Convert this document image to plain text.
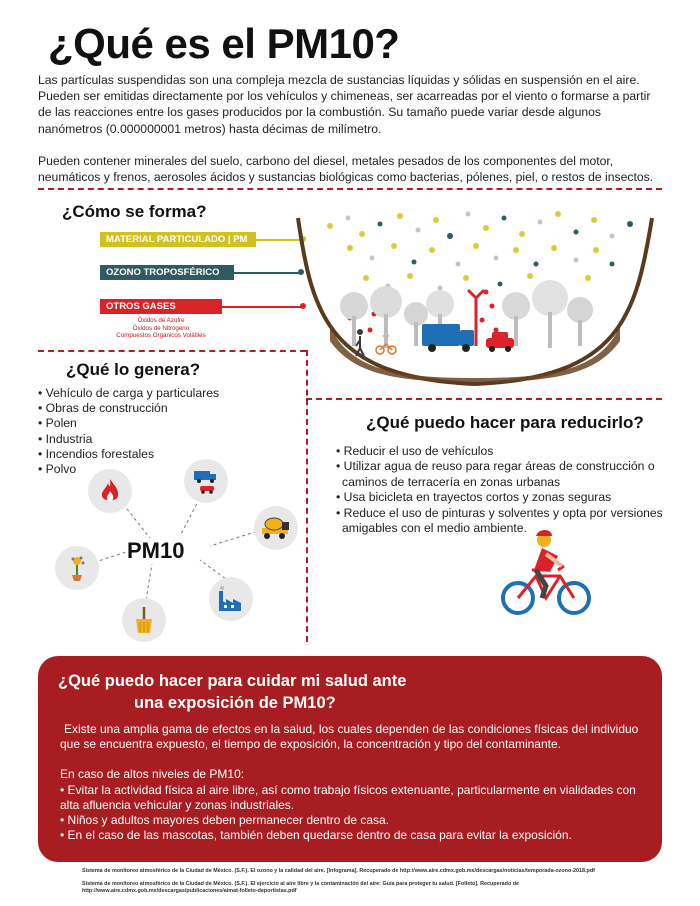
¿Qué es el PM10?

Las partículas suspendidas son una compleja mezcla de sustancias líquidas y sólidas en suspensión en el aire. Pueden ser emitidas directamente por los vehículos y chimeneas, ser acarreadas por el viento o formarse a partir de las reacciones entre los gases producidos por la combustión. Su tamaño puede variar desde algunos nanómetros (0.000000001 metros) hasta décimas de milímetro.

Pueden contener minerales del suelo, carbono del diesel, metales pesados de los componentes del motor, neumáticos y frenos, aerosoles ácidos y sustancias biológicas como bacterias, pólenes, piel, o restos de insectos.

¿Cómo se forma?
MATERIAL PARTICULADO | PM
OZONO TROPOSFÉRICO
OTROS GASES
Óxidos de Azufre
Óxidos de Nitrógeno
Compuestos Orgánicos Volátiles
¿Qué lo genera?
• Vehículo de carga y particulares
• Obras de construcción
• Polen
• Industria
• Incendios forestales
• Polvo
PM10
¿Qué puedo hacer para reducirlo?
• Reducir el uso de vehículos
• Utilizar agua de reuso para regar áreas de construcción o caminos de terracería en zonas urbanas
• Usa bicicleta en trayectos cortos y zonas seguras
• Reduce el uso de pinturas y solventes y opta por versiones amigables con el medio ambiente.
¿Qué puedo hacer para cuidar mi salud ante
una exposición de PM10?

Existe una amplia gama de efectos en la salud, los cuales dependen de las condiciones físicas del individuo que se encuentra expuesto, el tiempo de exposición, la concentración y tipo del contaminante.

En caso de altos niveles de PM10:

• Evitar la actividad física al aire libre, así como trabajo físicos extenuante, particularmente en vialidades con alta afluencia vehicular y zonas industriales.

• Niños y adultos mayores deben permanecer dentro de casa.

• En el caso de las mascotas, también deben quedarse dentro de casa para evitar la exposición.

Sistema de monitoreo atmosférico de la Ciudad de México. (S.F.). El ozono y la calidad del aire. [Infograma]. Recuperado de http://www.aire.cdmx.gob.mx/descargas/noticias/temporada-ozono-2018.pdf

Sistema de monitoreo atmosférico de la Ciudad de México. (S.F.). El ejercicio al aire libre y la contaminación del aire: Guía para proteger tu salud. [Folleto]. Recuperado de http://www.aire.cdmx.gob.mx/descargas/publicaciones/aimat-folleto-deportistas.pdf
